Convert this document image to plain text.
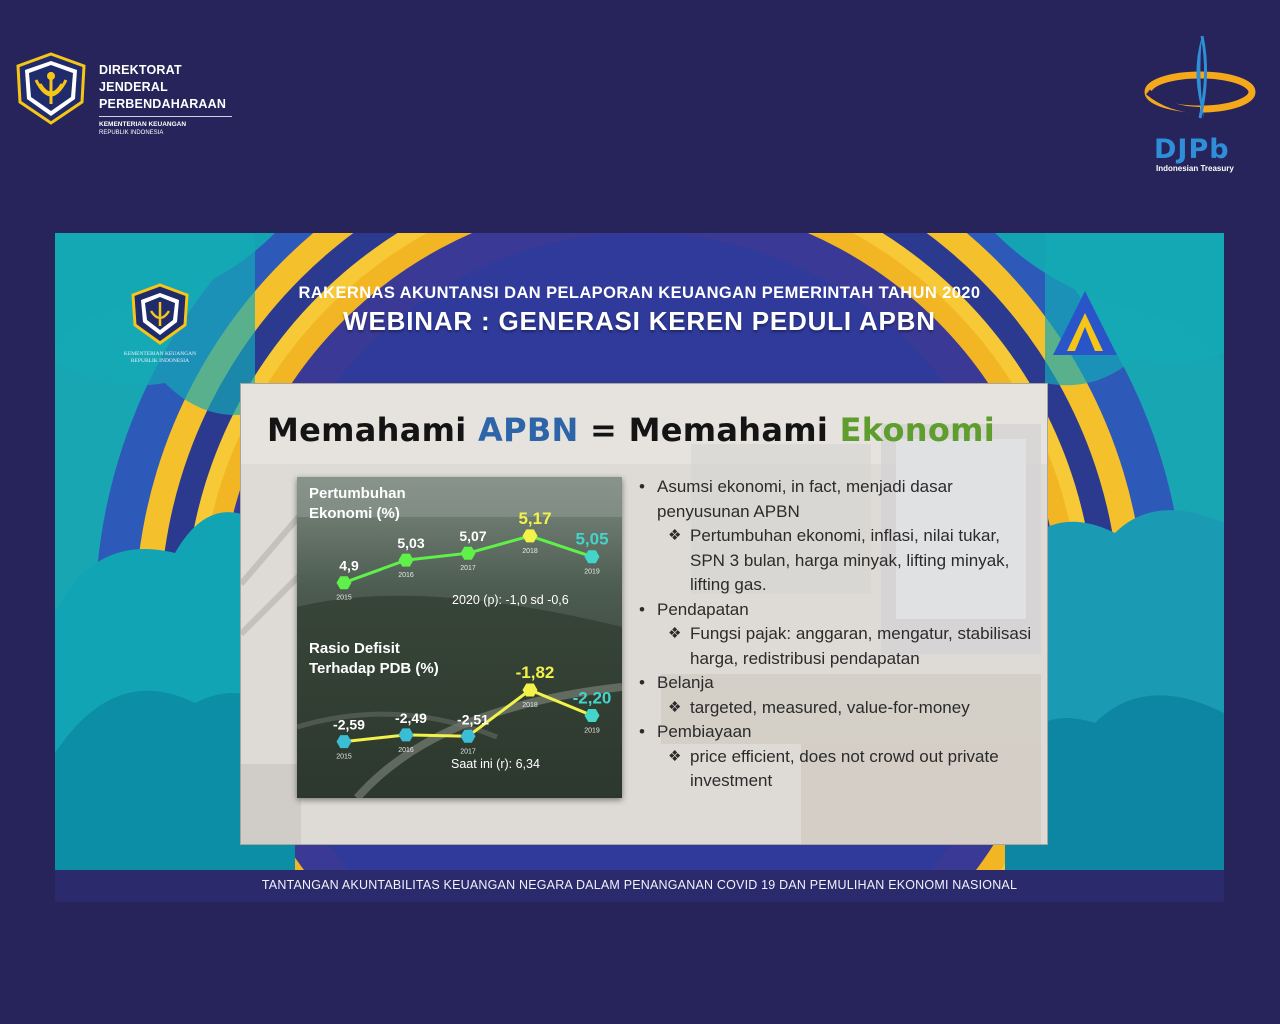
DIREKTORAT JENDERAL
PERBENDAHARAAN
KEMENTERIAN KEUANGAN
REPUBLIK INDONESIA
DJPb
Indonesian Treasury
RAKERNAS AKUNTANSI DAN PELAPORAN KEUANGAN PEMERINTAH TAHUN 2020
WEBINAR : GENERASI KEREN PEDULI APBN
KEMENTERIAN KEUANGAN
REPUBLIK INDONESIA
Memahami APBN = Memahami Ekonomi
4,9
2015
5,03
2016
5,07
2017
5,17
2018
5,05
2019
-2,59
2015
-2,49
2016
-2,51
2017
-1,82
2018 -2,20
2019
Pertumbuhan
Ekonomi (%)
2020 (p): -1,0 sd -0,6
Rasio Defisit
Terhadap PDB (%)
Saat ini (r): 6,34
• Asumsi ekonomi, in fact, menjadi dasar penyusunan APBN
❖ Pertumbuhan ekonomi, inflasi, nilai tukar, SPN 3 bulan, harga minyak, lifting minyak, lifting gas.
• Pendapatan
❖ Fungsi pajak: anggaran, mengatur, stabilisasi harga, redistribusi pendapatan
• Belanja
❖ targeted, measured, value-for-money
• Pembiayaan
❖ price efficient, does not crowd out private investment
TANTANGAN AKUNTABILITAS KEUANGAN NEGARA DALAM PENANGANAN COVID 19 DAN PEMULIHAN EKONOMI NASIONAL
